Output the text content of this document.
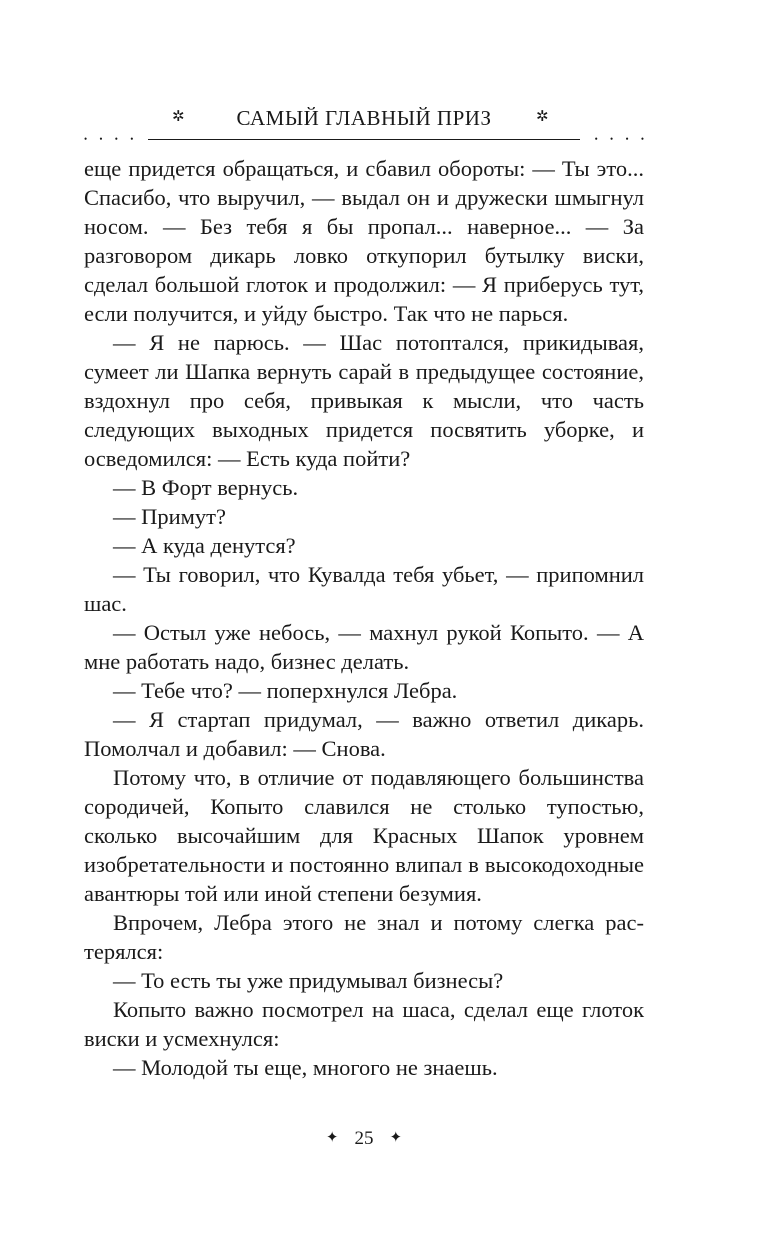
✲	САМЫЙ ГЛАВНЫЙ ПРИЗ	✲
• • • •	• • • •

еще придется обращаться, и сбавил обороты: — Ты это... Спасибо, что выручил, — выдал он и дружески шмыгнул носом. — Без тебя я бы пропал... наверное... — За разговором дикарь ловко откупорил бутылку виски, сделал большой глоток и продолжил: — Я приберусь тут, если получится, и уйду быстро. Так что не парься.

— Я не парюсь. — Шас потоптался, прикидывая, сумеет ли Шапка вернуть сарай в предыдущее состояние, вздохнул про себя, привыкая к мысли, что часть следующих выходных придется посвятить уборке, и осведомился: — Есть куда пойти?

— В Форт вернусь.

— Примут?

— А куда денутся?

— Ты говорил, что Кувалда тебя убьет, — припомнил шас.

— Остыл уже небось, — махнул рукой Копыто. — А мне работать надо, бизнес делать.

— Тебе что? — поперхнулся Лебра.

— Я стартап придумал, — важно ответил дикарь. Помолчал и добавил: — Снова.

Потому что, в отличие от подавляющего большинства сородичей, Копыто славился не столько тупостью, сколько высочайшим для Красных Шапок уровнем изобретательности и постоянно влипал в высокодоходные авантюры той или иной степени безумия.

Впрочем, Лебра этого не знал и потому слегка растерялся:

— То есть ты уже придумывал бизнесы?

Копыто важно посмотрел на шаса, сделал еще глоток виски и усмехнулся:

— Молодой ты еще, многого не знаешь.

✦ 25 ✦
